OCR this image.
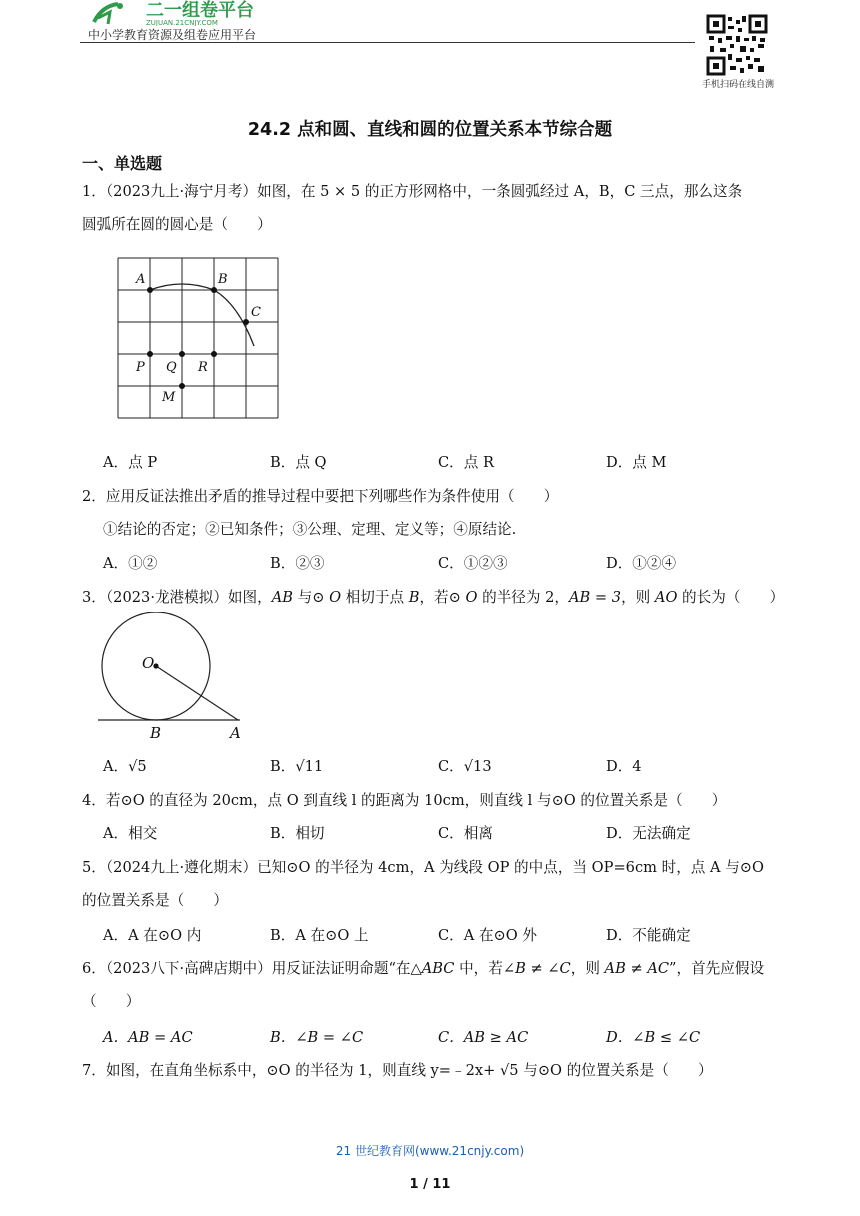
二一组卷平台
ZUJUAN.21CNJY.COM
中小学教育资源及组卷应用平台
手机扫码在线自测
24.2 点和圆、直线和圆的位置关系本节综合题
一、单选题
1．（2023九上·海宁月考）如图，在 5 × 5 的正方形网格中，一条圆弧经过 A，B，C 三点，那么这条
圆弧所在圆的圆心是（　　）
A	B
C
P Q R
M
A．点 P	B．点 Q	C．点 R	D．点 M
2．应用反证法推出矛盾的推导过程中要把下列哪些作为条件使用（　　）
①结论的否定；②已知条件；③公理、定理、定义等；④原结论.
A．①②	B．②③	C．①②③	D．①②④
3．（2023·龙港模拟）如图，AB 与⊙ O 相切于点 B，若⊙ O 的半径为 2，AB = 3，则 AO 的长为（　　）
O
B	A
A．√5	B．√11	C．√13	D．4
4．若⊙O 的直径为 20cm，点 O 到直线 l 的距离为 10cm，则直线 l 与⊙O 的位置关系是（　　）
A．相交	B．相切	C．相离	D．无法确定
5．（2024九上·遵化期末）已知⊙O 的半径为 4cm，A 为线段 OP 的中点，当 OP=6cm 时，点 A 与⊙O
的位置关系是（　　）
A．A 在⊙O 内	B．A 在⊙O 上	C．A 在⊙O 外	D．不能确定
6．（2023八下·高碑店期中）用反证法证明命题“在△ABC 中，若∠B ≠ ∠C，则 AB ≠ AC”，首先应假设
（　　）
A．AB = AC	B．∠B = ∠C	C．AB ≥ AC	D．∠B ≤ ∠C
7．如图，在直角坐标系中，⊙O 的半径为 1，则直线 y=﹣2x+ √5 与⊙O 的位置关系是（　　）
21 世纪教育网(www.21cnjy.com)
1 / 11
